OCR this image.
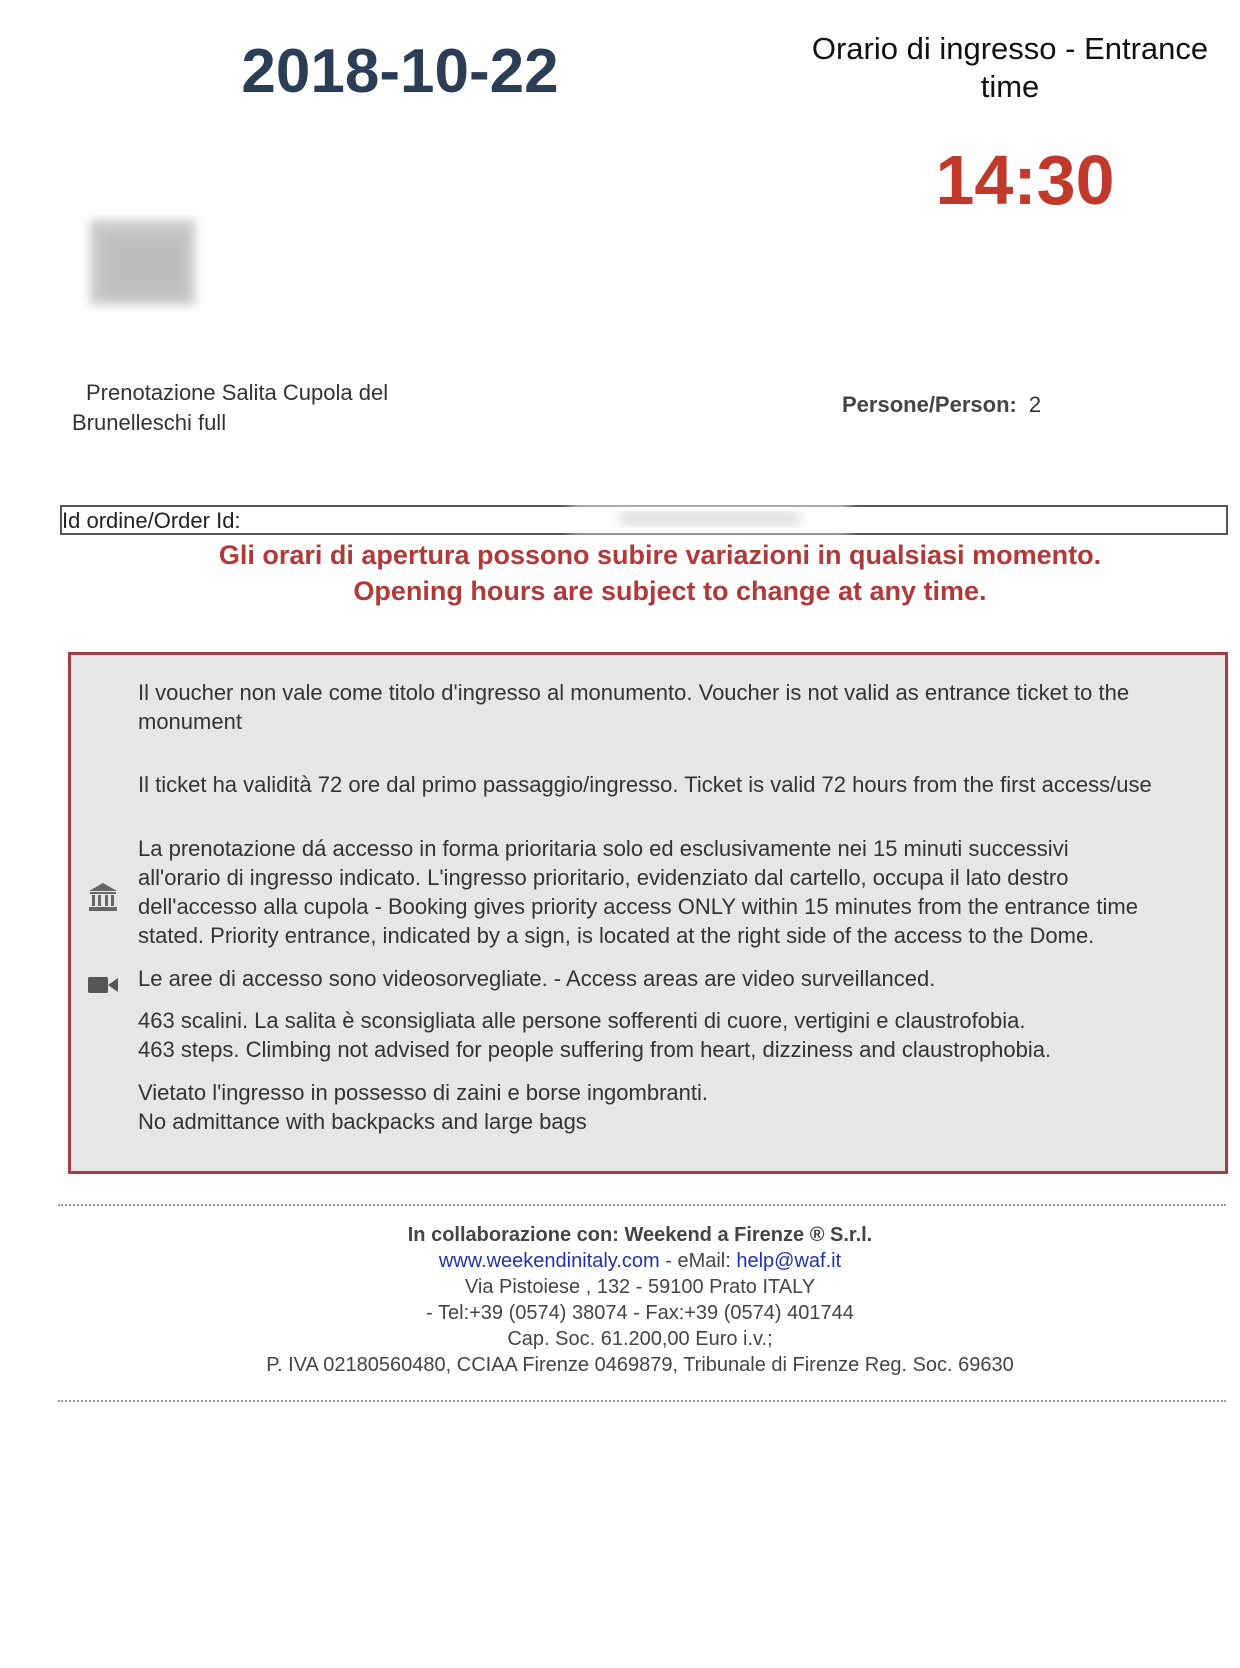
2018-10-22	Orario di ingresso - Entrance
time
14:30
Prenotazione Salita Cupola del
Brunelleschi full
Persone/Person: 2
Id ordine/Order Id:
Gli orari di apertura possono subire variazioni in qualsiasi momento.
Opening hours are subject to change at any time.
Il voucher non vale come titolo d'ingresso al monumento. Voucher is not valid as entrance ticket to the
monument
Il ticket ha validità 72 ore dal primo passaggio/ingresso. Ticket is valid 72 hours from the first access/use
La prenotazione dá accesso in forma prioritaria solo ed esclusivamente nei 15 minuti successivi
all'orario di ingresso indicato. L'ingresso prioritario, evidenziato dal cartello, occupa il lato destro
dell'accesso alla cupola - Booking gives priority access ONLY within 15 minutes from the entrance time
stated. Priority entrance, indicated by a sign, is located at the right side of the access to the Dome.
Le aree di accesso sono videosorvegliate. - Access areas are video surveillanced.
463 scalini. La salita è sconsigliata alle persone sofferenti di cuore, vertigini e claustrofobia.
463 steps. Climbing not advised for people suffering from heart, dizziness and claustrophobia.
Vietato l'ingresso in possesso di zaini e borse ingombranti.
No admittance with backpacks and large bags
In collaborazione con: Weekend a Firenze ® S.r.l.
www.weekendinitaly.com - eMail: help@waf.it
Via Pistoiese , 132 - 59100 Prato ITALY
- Tel:+39 (0574) 38074 - Fax:+39 (0574) 401744
Cap. Soc. 61.200,00 Euro i.v.;
P. IVA 02180560480, CCIAA Firenze 0469879, Tribunale di Firenze Reg. Soc. 69630
